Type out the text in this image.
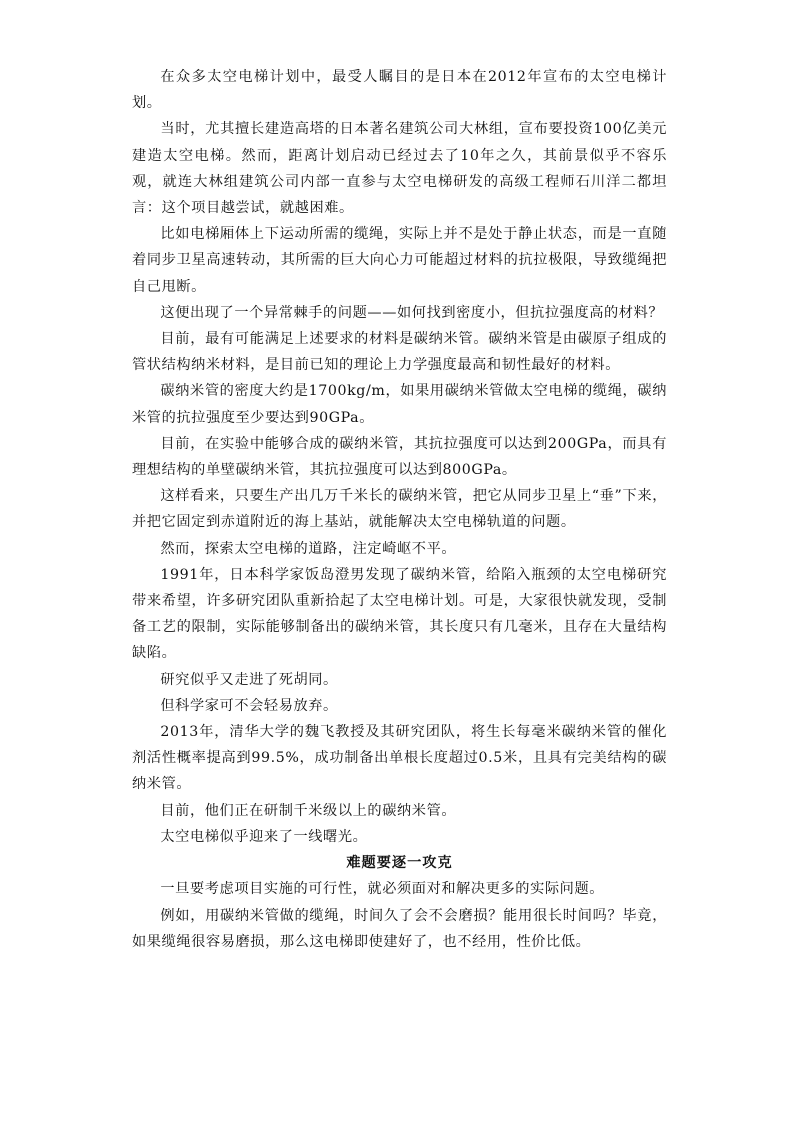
在众多太空电梯计划中，最受人瞩目的是日本在2012年宣布的太空电梯计划。

当时，尤其擅长建造高塔的日本著名建筑公司大林组，宣布要投资100亿美元建造太空电梯。然而，距离计划启动已经过去了10年之久，其前景似乎不容乐观，就连大林组建筑公司内部一直参与太空电梯研发的高级工程师石川洋二都坦言：这个项目越尝试，就越困难。

比如电梯厢体上下运动所需的缆绳，实际上并不是处于静止状态，而是一直随着同步卫星高速转动，其所需的巨大向心力可能超过材料的抗拉极限，导致缆绳把自己甩断。

这便出现了一个异常棘手的问题——如何找到密度小，但抗拉强度高的材料？

目前，最有可能满足上述要求的材料是碳纳米管。碳纳米管是由碳原子组成的管状结构纳米材料，是目前已知的理论上力学强度最高和韧性最好的材料。

碳纳米管的密度大约是1700kg/m，如果用碳纳米管做太空电梯的缆绳，碳纳米管的抗拉强度至少要达到90GPa。

目前，在实验中能够合成的碳纳米管，其抗拉强度可以达到200GPa，而具有理想结构的单壁碳纳米管，其抗拉强度可以达到800GPa。

这样看来，只要生产出几万千米长的碳纳米管，把它从同步卫星上“垂”下来，并把它固定到赤道附近的海上基站，就能解决太空电梯轨道的问题。

然而，探索太空电梯的道路，注定崎岖不平。

1991年，日本科学家饭岛澄男发现了碳纳米管，给陷入瓶颈的太空电梯研究带来希望，许多研究团队重新拾起了太空电梯计划。可是，大家很快就发现，受制备工艺的限制，实际能够制备出的碳纳米管，其长度只有几毫米，且存在大量结构缺陷。

研究似乎又走进了死胡同。

但科学家可不会轻易放弃。

2013年，清华大学的魏飞教授及其研究团队，将生长每毫米碳纳米管的催化剂活性概率提高到99.5%，成功制备出单根长度超过0.5米，且具有完美结构的碳纳米管。

目前，他们正在研制千米级以上的碳纳米管。

太空电梯似乎迎来了一线曙光。

难题要逐一攻克

一旦要考虑项目实施的可行性，就必须面对和解决更多的实际问题。

例如，用碳纳米管做的缆绳，时间久了会不会磨损？能用很长时间吗？毕竟，如果缆绳很容易磨损，那么这电梯即使建好了，也不经用，性价比低。
